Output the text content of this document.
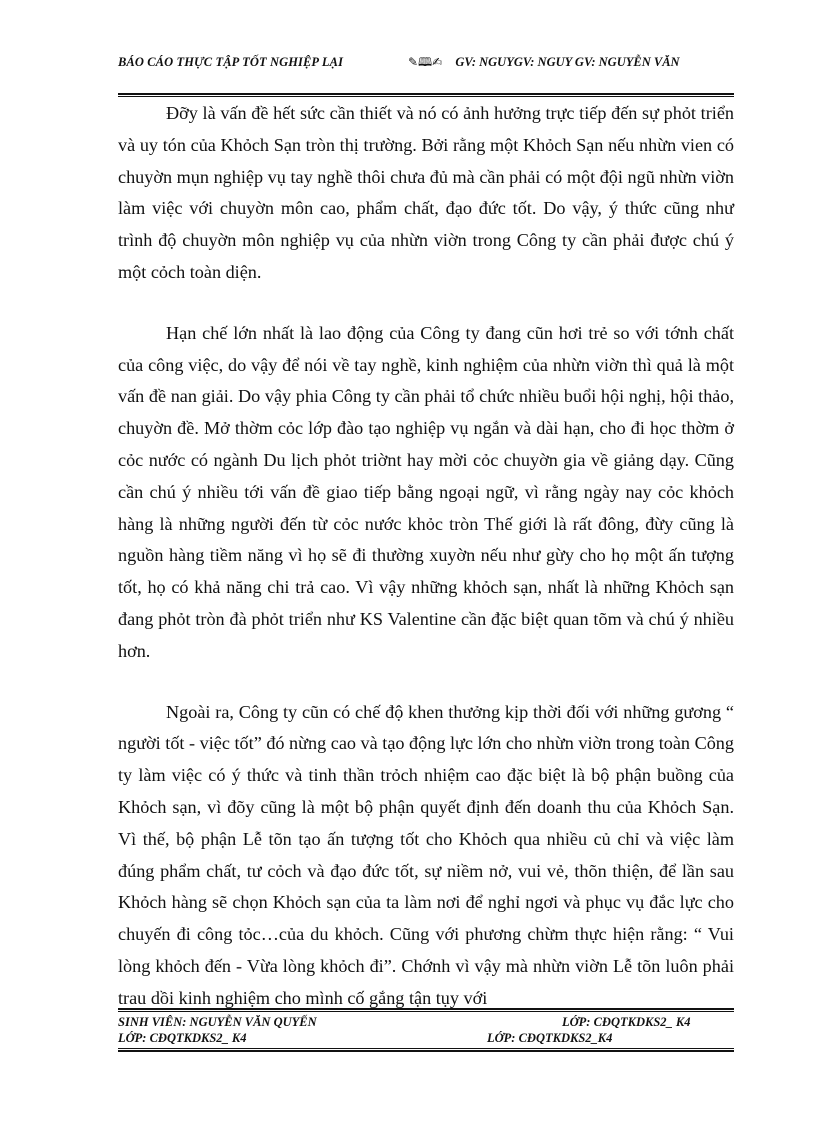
BÁO CÁO THỰC TẬP TỐT NGHIỆP LẠI	✎🕮✍ GV: NGUYGV: NGUY GV: NGUYỄN VĂN

Đỡy là vấn đề hết sức cần thiết và nó có ảnh hưởng trực tiếp đến sự phỏt triển và uy tón của Khỏch Sạn tròn thị trường. Bởi rằng một Khỏch Sạn nếu nhừn vien có chuyờn mụn nghiệp vụ tay nghề thôi chưa đủ mà cần phải có một đội ngũ nhừn viờn làm việc với chuyờn môn cao, phẩm chất, đạo đức tốt. Do vậy, ý thức cũng như trình độ chuyờn môn nghiệp vụ của nhừn viờn trong Công ty cần phải được chú ý một cỏch toàn diện.

Hạn chế lớn nhất là lao động của Công ty đang cũn hơi trẻ so với tớnh chất của công việc, do vậy để nói về tay nghề, kinh nghiệm của nhừn viờn thì quả là một vấn đề nan giải. Do vậy phia Công ty cần phải tổ chức nhiều buổi hội nghị, hội thảo, chuyờn đề. Mở thờm cỏc lớp đào tạo nghiệp vụ ngắn và dài hạn, cho đi học thờm ở cỏc nước có ngành Du lịch phỏt triờnt hay mời cỏc chuyờn gia về giảng dạy. Cũng cần chú ý nhiều tới vấn đề giao tiếp bằng ngoại ngữ, vì rằng ngày nay cỏc khỏch hàng là những người đến từ cỏc nước khỏc tròn Thế giới là rất đông, đừy cũng là nguồn hàng tiềm năng vì họ sẽ đi thường xuyờn nếu như gừy cho họ một ấn tượng tốt, họ có khả năng chi trả cao. Vì vậy những khỏch sạn, nhất là những Khỏch sạn đang phỏt tròn đà phỏt triển như KS Valentine cần đặc biệt quan tõm và chú ý nhiều hơn.

Ngoài ra, Công ty cũn có chế độ khen thưởng kịp thời đối với những gương “ người tốt - việc tốt” đó nừng cao và tạo động lực lớn cho nhừn viờn trong toàn Công ty làm việc có ý thức và tinh thần trỏch nhiệm cao đặc biệt là bộ phận buồng của Khỏch sạn, vì đõy cũng là một bộ phận quyết định đến doanh thu của Khỏch Sạn. Vì thế, bộ phận Lễ tõn tạo ấn tượng tốt cho Khỏch qua nhiều củ chỉ và việc làm đúng phẩm chất, tư cỏch và đạo đức tốt, sự niềm nở, vui vẻ, thõn thiện, để lần sau Khỏch hàng sẽ chọn Khỏch sạn của ta làm nơi để nghỉ ngơi và phục vụ đắc lực cho chuyến đi công tỏc…của du khỏch. Cũng với phương chừm thực hiện rằng: “ Vui lòng khỏch đến - Vừa lòng khỏch đi”. Chớnh vì vậy mà nhừn viờn Lễ tõn luôn phải trau dồi kinh nghiệm cho mình cố gắng tận tụy với

SINH VIÊN: NGUYỄN VĂN QUYẾN
LỚP: CĐQTKDKS2_ K4
LỚP: CĐQTKDKS2_ K4
LỚP: CĐQTKDKS2_K4
